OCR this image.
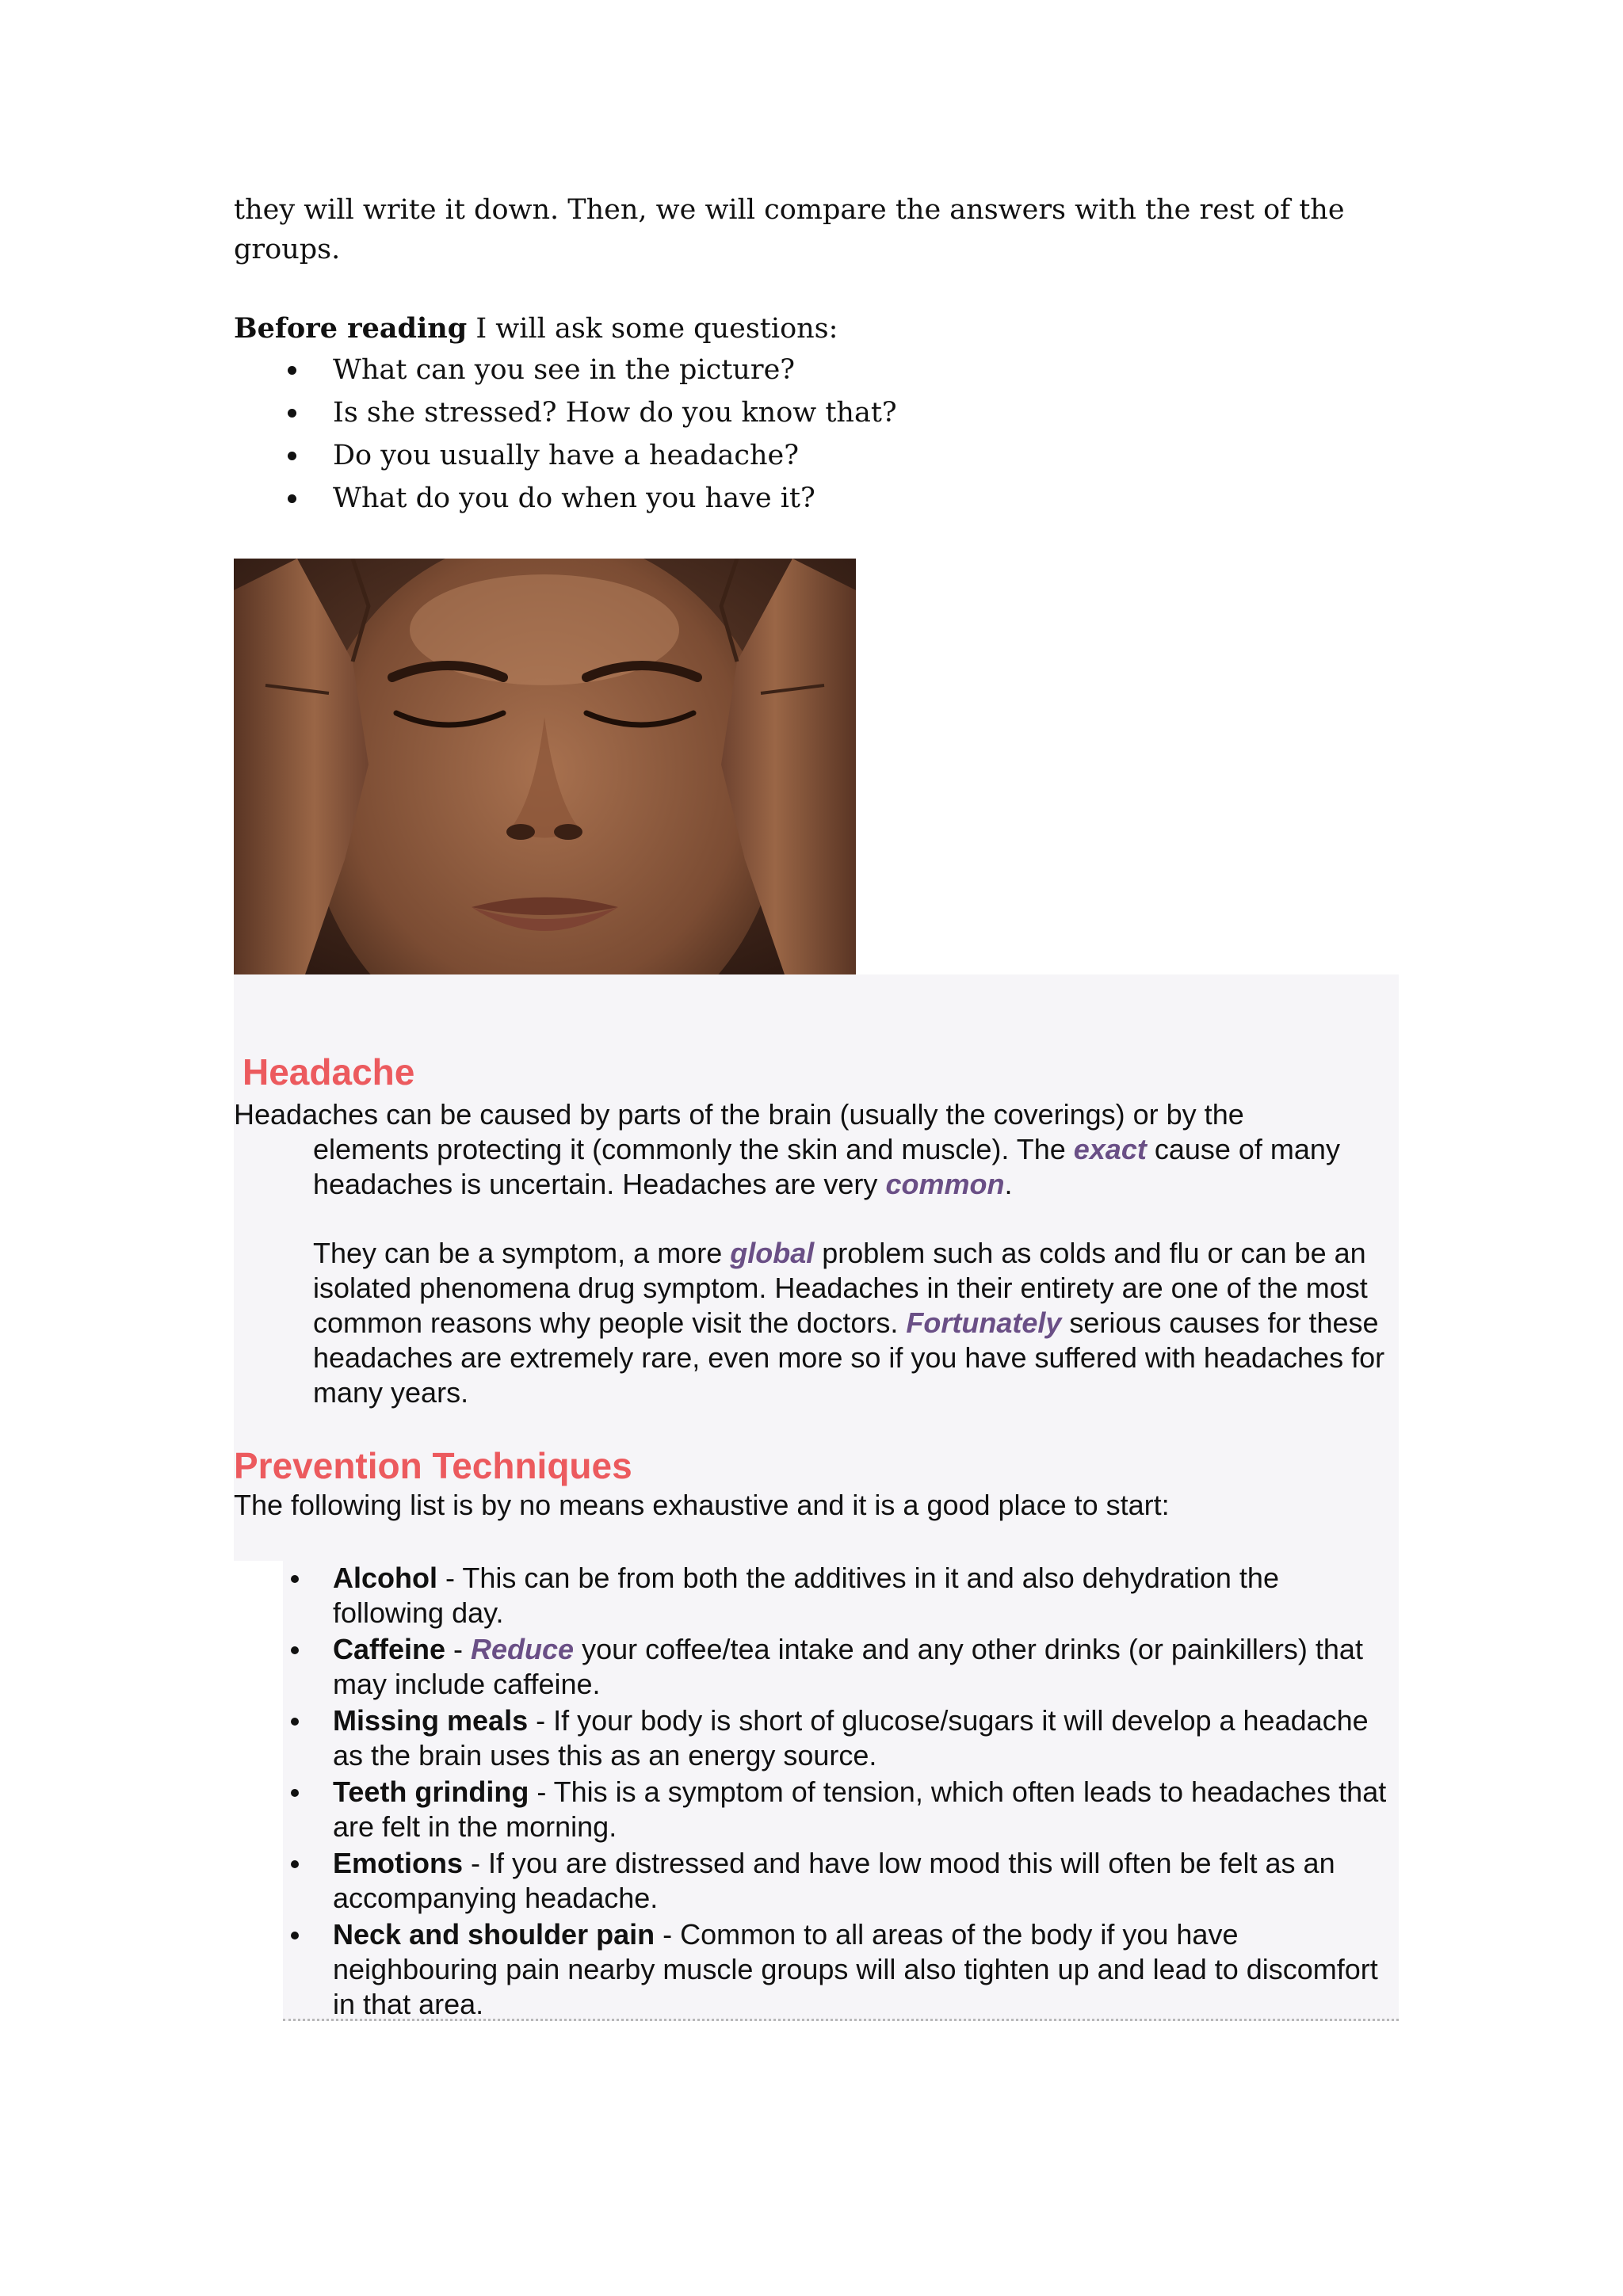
they will write it down. Then, we will compare the answers with the rest of the

groups.

Before reading I will ask some questions:

What can you see in the picture?
Is she stressed? How do you know that?
Do you usually have a headache?
What do you do when you have it?
Headache

Headaches can be caused by parts of the brain (usually the coverings) or by the

elements protecting it (commonly the skin and muscle). The exact cause of many

headaches is uncertain. Headaches are very common.

They can be a symptom, a more global problem such as colds and flu or can be an isolated phenomena drug symptom. Headaches in their entirety are one of the most common reasons why people visit the doctors. Fortunately serious causes for these headaches are extremely rare, even more so if you have suffered with headaches for many years.

Prevention Techniques

The following list is by no means exhaustive and it is a good place to start:

Alcohol - This can be from both the additives in it and also dehydration the following day.
Caffeine - Reduce your coffee/tea intake and any other drinks (or painkillers) that may include caffeine.
Missing meals - If your body is short of glucose/sugars it will develop a headache as the brain uses this as an energy source.
Teeth grinding - This is a symptom of tension, which often leads to headaches that are felt in the morning.
Emotions - If you are distressed and have low mood this will often be felt as an accompanying headache.
Neck and shoulder pain - Common to all areas of the body if you have neighbouring pain nearby muscle groups will also tighten up and lead to discomfort in that area.
